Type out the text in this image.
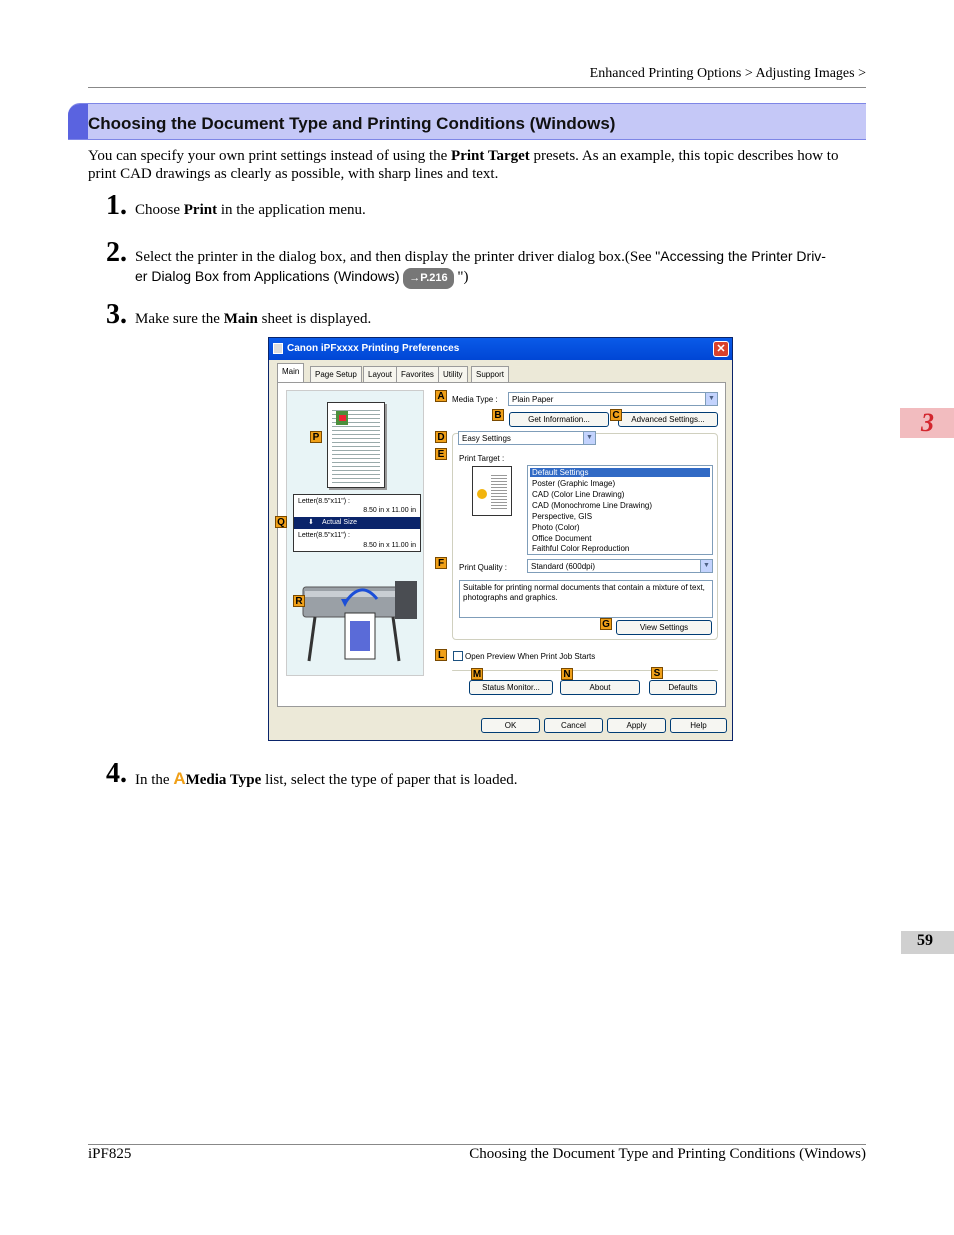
Enhanced Printing Options > Adjusting Images >
Choosing the Document Type and Printing Conditions (Windows)
You can specify your own print settings instead of using the Print Target presets. As an example, this topic describes how to print CAD drawings as clearly as possible, with sharp lines and text.
1. Choose Print in the application menu.
2. Select the printer in the dialog box, and then display the printer driver dialog box.(See "Accessing the Printer Driv-
er Dialog Box from Applications (Windows) →P.216 ")
3. Make sure the Main sheet is displayed.
Canon iPFxxxx Printing Preferences	✕
Main	Page Setup	Layout	Favorites	Utility	Support
Letter(8.5"x11") :
8.50 in x 11.00 in
⬇ Actual Size
Letter(8.5"x11") :
8.50 in x 11.00 in
Media Type :	Plain Paper	▼
Get Information...	Advanced Settings...
Easy Settings	▼
Print Target :
Default Settings
Poster (Graphic Image)
CAD (Color Line Drawing)
CAD (Monochrome Line Drawing)
Perspective, GIS
Photo (Color)
Office Document
Faithful Color Reproduction
Print Quality :	Standard (600dpi)	▼
Suitable for printing normal documents that contain a mixture of text, photographs and graphics.
View Settings
Open Preview When Print Job Starts
Status Monitor...	About	Defaults
A
B	C
D
E
F
G
L
M	N	S
P
Q
R
OK	Cancel	Apply	Help
4. In the AMedia Type list, select the type of paper that is loaded.
3
59
iPF825	Choosing the Document Type and Printing Conditions (Windows)
